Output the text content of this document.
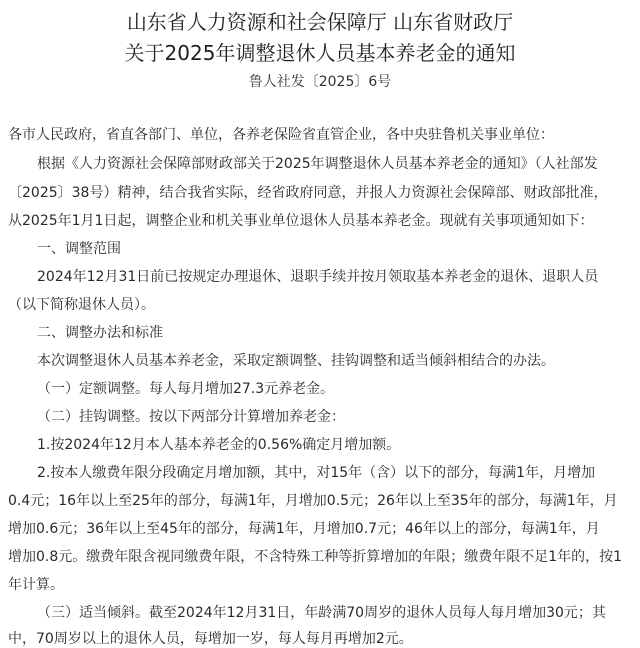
山东省人力资源和社会保障厅 山东省财政厅
关于2025年调整退休人员基本养老金的通知
鲁人社发〔2025〕6号
各市人民政府，省直各部门、单位，各养老保险省直管企业，各中央驻鲁机关事业单位：
根据《人力资源社会保障部财政部关于2025年调整退休人员基本养老金的通知》（人社部发
〔2025〕38号）精神，结合我省实际，经省政府同意，并报人力资源社会保障部、财政部批准，
从2025年1月1日起，调整企业和机关事业单位退休人员基本养老金。现就有关事项通知如下：
一、调整范围
2024年12月31日前已按规定办理退休、退职手续并按月领取基本养老金的退休、退职人员
（以下简称退休人员）。
二、调整办法和标准
本次调整退休人员基本养老金，采取定额调整、挂钩调整和适当倾斜相结合的办法。
（一）定额调整。每人每月增加27.3元养老金。
（二）挂钩调整。按以下两部分计算增加养老金：
1.按2024年12月本人基本养老金的0.56%确定月增加额。
2.按本人缴费年限分段确定月增加额，其中，对15年（含）以下的部分，每满1年，月增加
0.4元；16年以上至25年的部分，每满1年，月增加0.5元；26年以上至35年的部分，每满1年，月
增加0.6元；36年以上至45年的部分，每满1年，月增加0.7元；46年以上的部分，每满1年，月
增加0.8元。缴费年限含视同缴费年限，不含特殊工种等折算增加的年限；缴费年限不足1年的，按1
年计算。
（三）适当倾斜。截至2024年12月31日，年龄满70周岁的退休人员每人每月增加30元；其
中，70周岁以上的退休人员，每增加一岁，每人每月再增加2元。
